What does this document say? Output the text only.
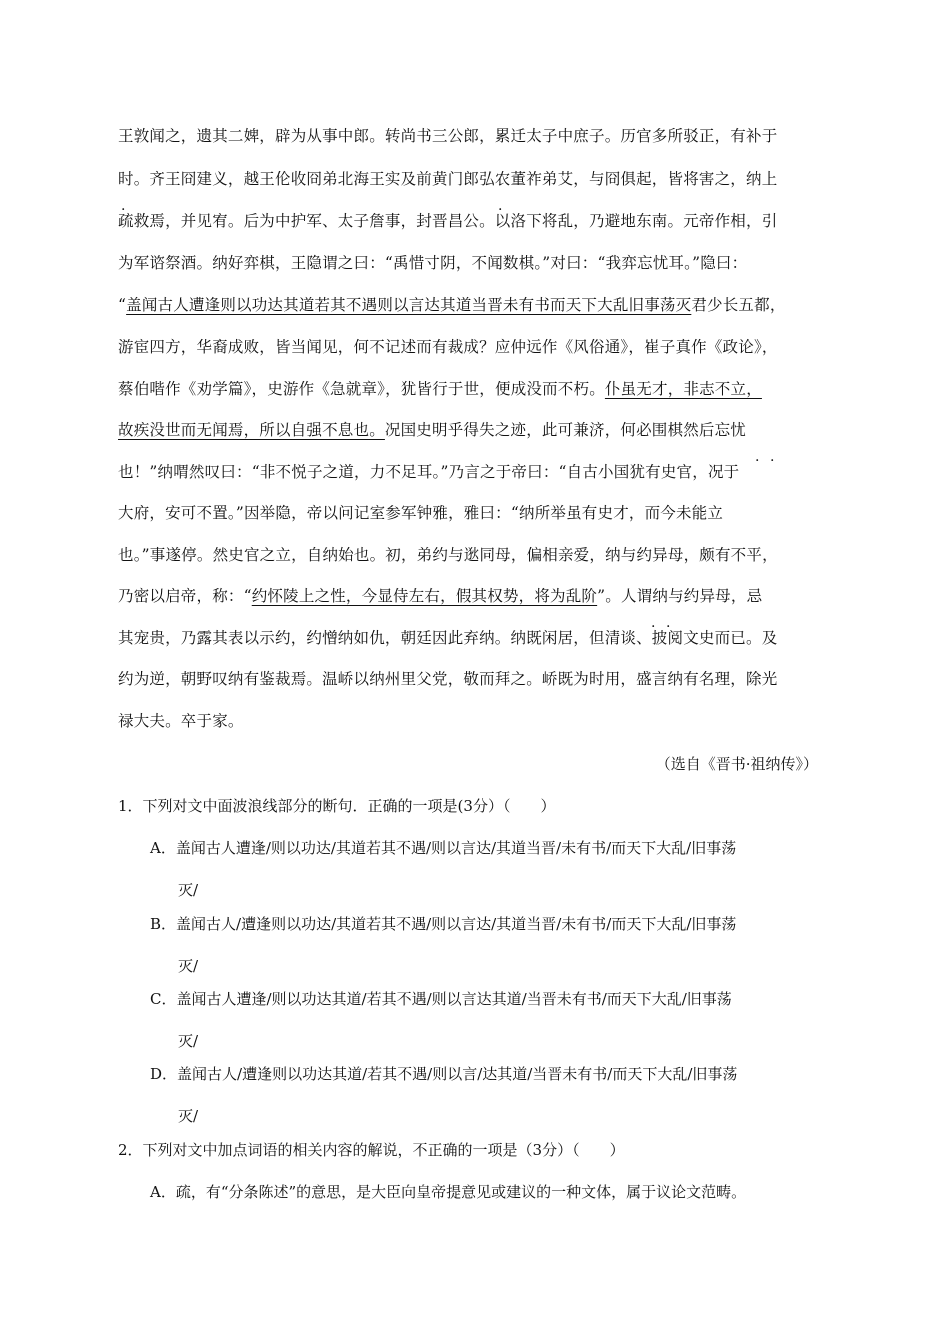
王敦闻之，遗其二婢，辟为从事中郎。转尚书三公郎，累迁太子中庶子。历官多所驳正，有补于
时。齐王冏建义，越王伦收冏弟北海王实及前黄门郎弘农董祚弟艾，与冏俱起，皆将害之，纳上
疏救焉，并见宥。后为中护军、太子詹事，封晋昌公。以洛下将乱，乃避地东南。元帝作相，引
为军谘祭酒。纳好弈棋，王隐谓之曰：“禹惜寸阴，不闻数棋。”对曰：“我弈忘忧耳。”隐曰：
“盖闻古人遭逢则以功达其道若其不遇则以言达其道当晋未有书而天下大乱旧事荡灭君少长五都，
游宦四方，华裔成败，皆当闻见，何不记述而有裁成？应仲远作《风俗通》，崔子真作《政论》，
蔡伯喈作《劝学篇》，史游作《急就章》，犹皆行于世，便成没而不朽。仆虽无才，非志不立，
故疾没世而无闻焉，所以自强不息也。况国史明乎得失之迹，此可兼济，何必围棋然后忘忧
也！”纳喟然叹曰：“非不悦子之道，力不足耳。”乃言之于帝曰：“自古小国犹有史官，况于
大府，安可不置。”因举隐，帝以问记室参军钟雅，雅曰：“纳所举虽有史才，而今未能立
也。”事遂停。然史官之立，自纳始也。初，弟约与逖同母，偏相亲爱，纳与约异母，颇有不平，
乃密以启帝，称：“约怀陵上之性，今显侍左右，假其权势，将为乱阶”。人谓纳与约异母，忌
其宠贵，乃露其表以示约，约憎纳如仇，朝廷因此弃纳。纳既闲居，但清谈、披阅文史而已。及
约为逆，朝野叹纳有鉴裁焉。温峤以纳州里父党，敬而拜之。峤既为时用，盛言纳有名理，除光
禄大夫。卒于家。
.	.
. .
. .
（选自《晋书·祖纳传》）
1．下列对文中面波浪线部分的断句．正确的一项是(3分）（　　）
A．盖闻古人遭逢/则以功达/其道若其不遇/则以言达/其道当晋/未有书/而天下大乱/旧事荡
灭/
B．盖闻古人/遭逢则以功达/其道若其不遇/则以言达/其道当晋/未有书/而天下大乱/旧事荡
灭/
C．盖闻古人遭逢/则以功达其道/若其不遇/则以言达其道/当晋未有书/而天下大乱/旧事荡
灭/
D．盖闻古人/遭逢则以功达其道/若其不遇/则以言/达其道/当晋未有书/而天下大乱/旧事荡
灭/
2．下列对文中加点词语的相关内容的解说，不正确的一项是（3分）（　　）
A．疏，有“分条陈述”的意思，是大臣向皇帝提意见或建议的一种文体，属于议论文范畴。
